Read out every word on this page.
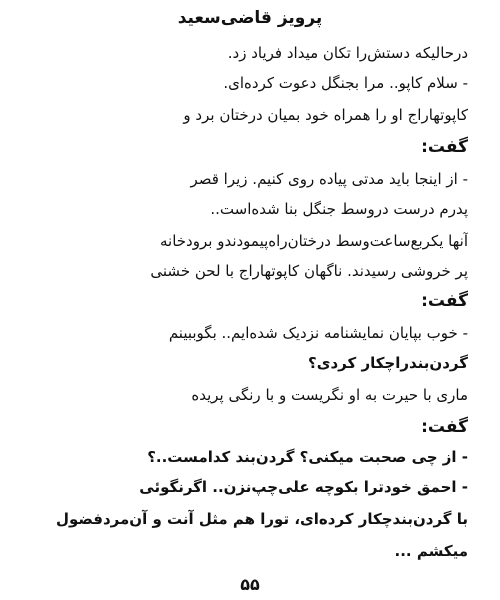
پرویز قاضی‌سعید
درحالیکه دستش‌را تکان میداد فریاد زد.
- سلام کاپو.. مرا بجنگل دعوت کرده‌ای.
کاپوتهاراج او را همراه خود بمیان درختان برد و
گفت:
- از اینجا باید مدتی پیاده روی کنیم. زیرا قصر
پدرم درست دروسط جنگل بنا شده‌است..
آنها یکربع‌ساعت‌وسط درختان‌راه‌پیمودندو برودخانه
پر خروشی رسیدند. ناگهان کاپوتهاراج با لحن خشنی
گفت:
- خوب بپایان نمایشنامه نزدیک شده‌ایم.. بگوببینم
گردن‌بندراچکار کردی؟
ماری با حیرت به او نگریست و با رنگی پریده
گفت:
- از چی صحبت میکنی؟ گردن‌بند کدامست..؟
- احمق خودترا بکوچه علی‌چپ‌نزن.. اگرنگوئی
با گردن‌بندچکار کرده‌ای، تورا هم مثل آنت و آن‌مردفضول
میکشم ...
۵۵
